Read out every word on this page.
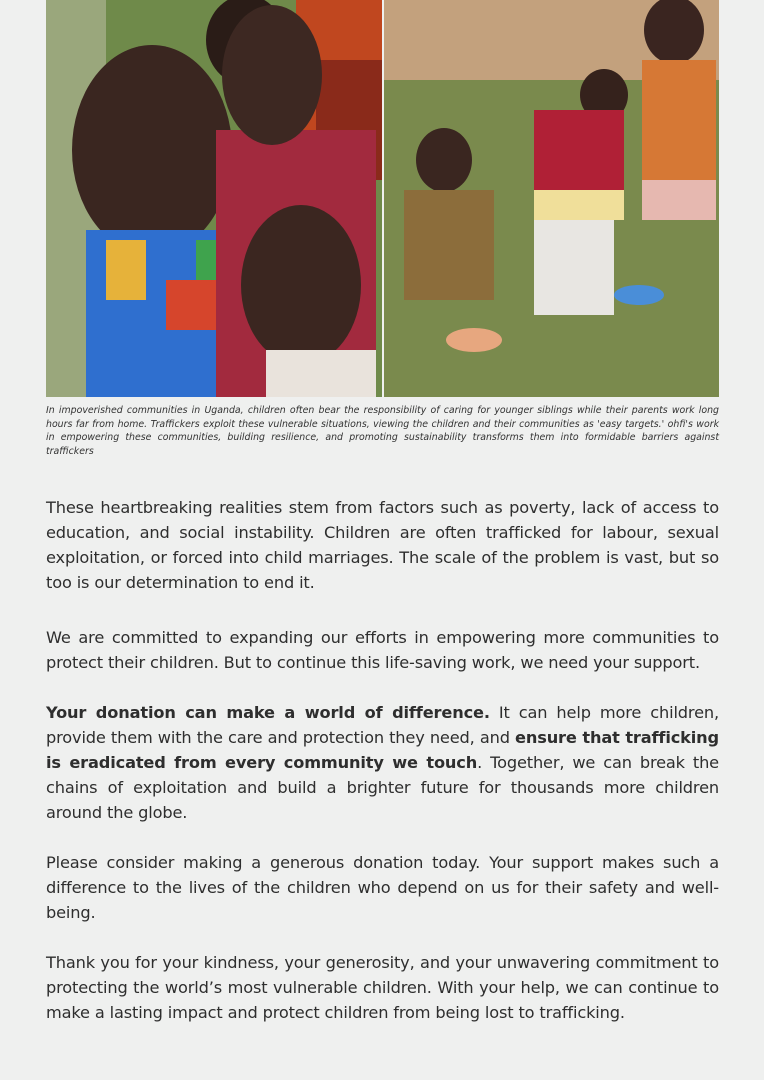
In impoverished communities in Uganda, children often bear the responsibility of caring for younger siblings while their parents work long hours far from home. Traffickers exploit these vulnerable situations, viewing the children and their communities as 'easy targets.' ohfi's work in empowering these communities, building resilience, and promoting sustainability transforms them into formidable barriers against traffickers

These heartbreaking realities stem from factors such as poverty, lack of access to education, and social instability. Children are often trafficked for labour, sexual exploitation, or forced into child marriages. The scale of the problem is vast, but so too is our determination to end it.

We are committed to expanding our efforts in empowering more communities to protect their children. But to continue this life-saving work, we need your support.

Your donation can make a world of difference. It can help more children, provide them with the care and protection they need, and ensure that trafficking is eradicated from every community we touch. Together, we can break the chains of exploitation and build a brighter future for thousands more children around the globe.

Please consider making a generous donation today. Your support makes such a difference to the lives of the children who depend on us for their safety and well-being.

Thank you for your kindness, your generosity, and your unwavering commitment to protecting the world’s most vulnerable children. With your help, we can continue to make a lasting impact and protect children from being lost to trafficking.
